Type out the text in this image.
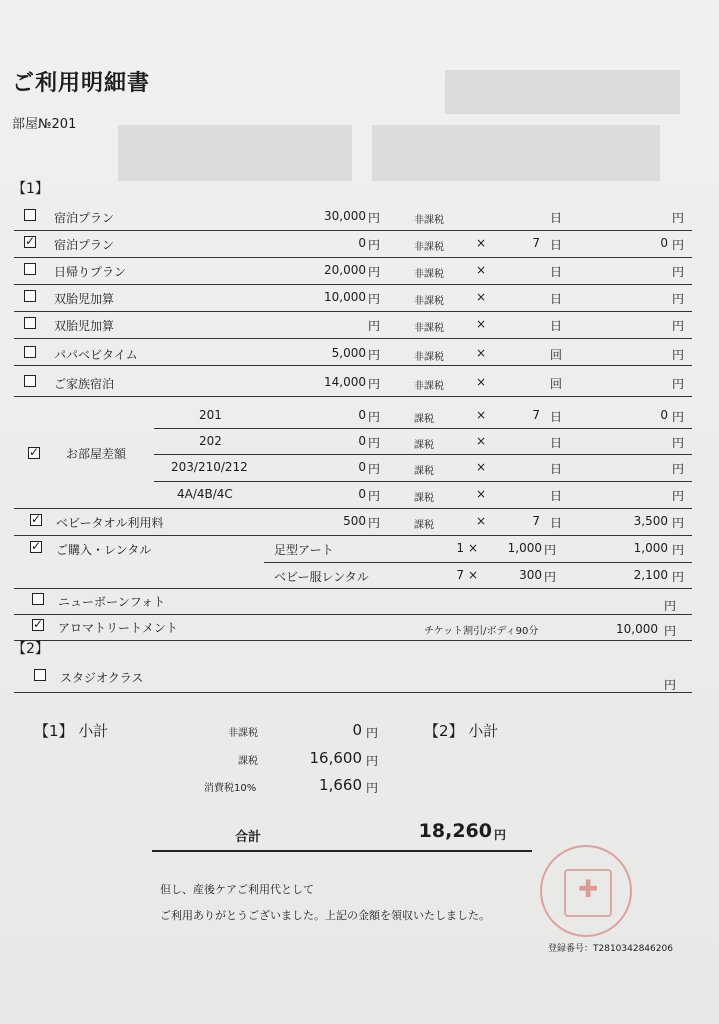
ご利用明細書
部屋№201
【1】
宿泊プラン	30,000 円	非課税	日	円
✓ 宿泊プラン	0 円	非課税	×	7 日	0 円
日帰りプラン	20,000 円	非課税	×	日	円
双胎児加算	10,000 円	非課税	×	日	円
双胎児加算	円	非課税	×	日	円
パパベビタイム	5,000 円	非課税	×	回	円
ご家族宿泊	14,000 円	非課税	×	回	円
✓ お部屋差額
201	0 円	課税	×	7 日	0 円
202	0 円	課税	×	日	円
203/210/212	0 円	課税	×	日	円
4A/4B/4C	0 円	課税	×	日	円
✓ ベビータオル利用料	500 円	課税	×	7 日	3,500 円
✓ ご購入・レンタル	足型アート	1 ×	1,000 円	1,000 円
ベビー服レンタル	7 ×	300 円	2,100 円
ニューボーンフォト	円
✓ アロマトリートメント	チケット割引/ボディ90分	10,000 円
【2】
スタジオクラス	円
【1】 小計	【2】 小計
非課税	0 円
課税	16,600 円
消費税10%	1,660 円
合計	18,260 円
但し、産後ケアご利用代として
ご利用ありがとうございました。上記の金額を領収いたしました。
登録番号：T2810342846206
✚
